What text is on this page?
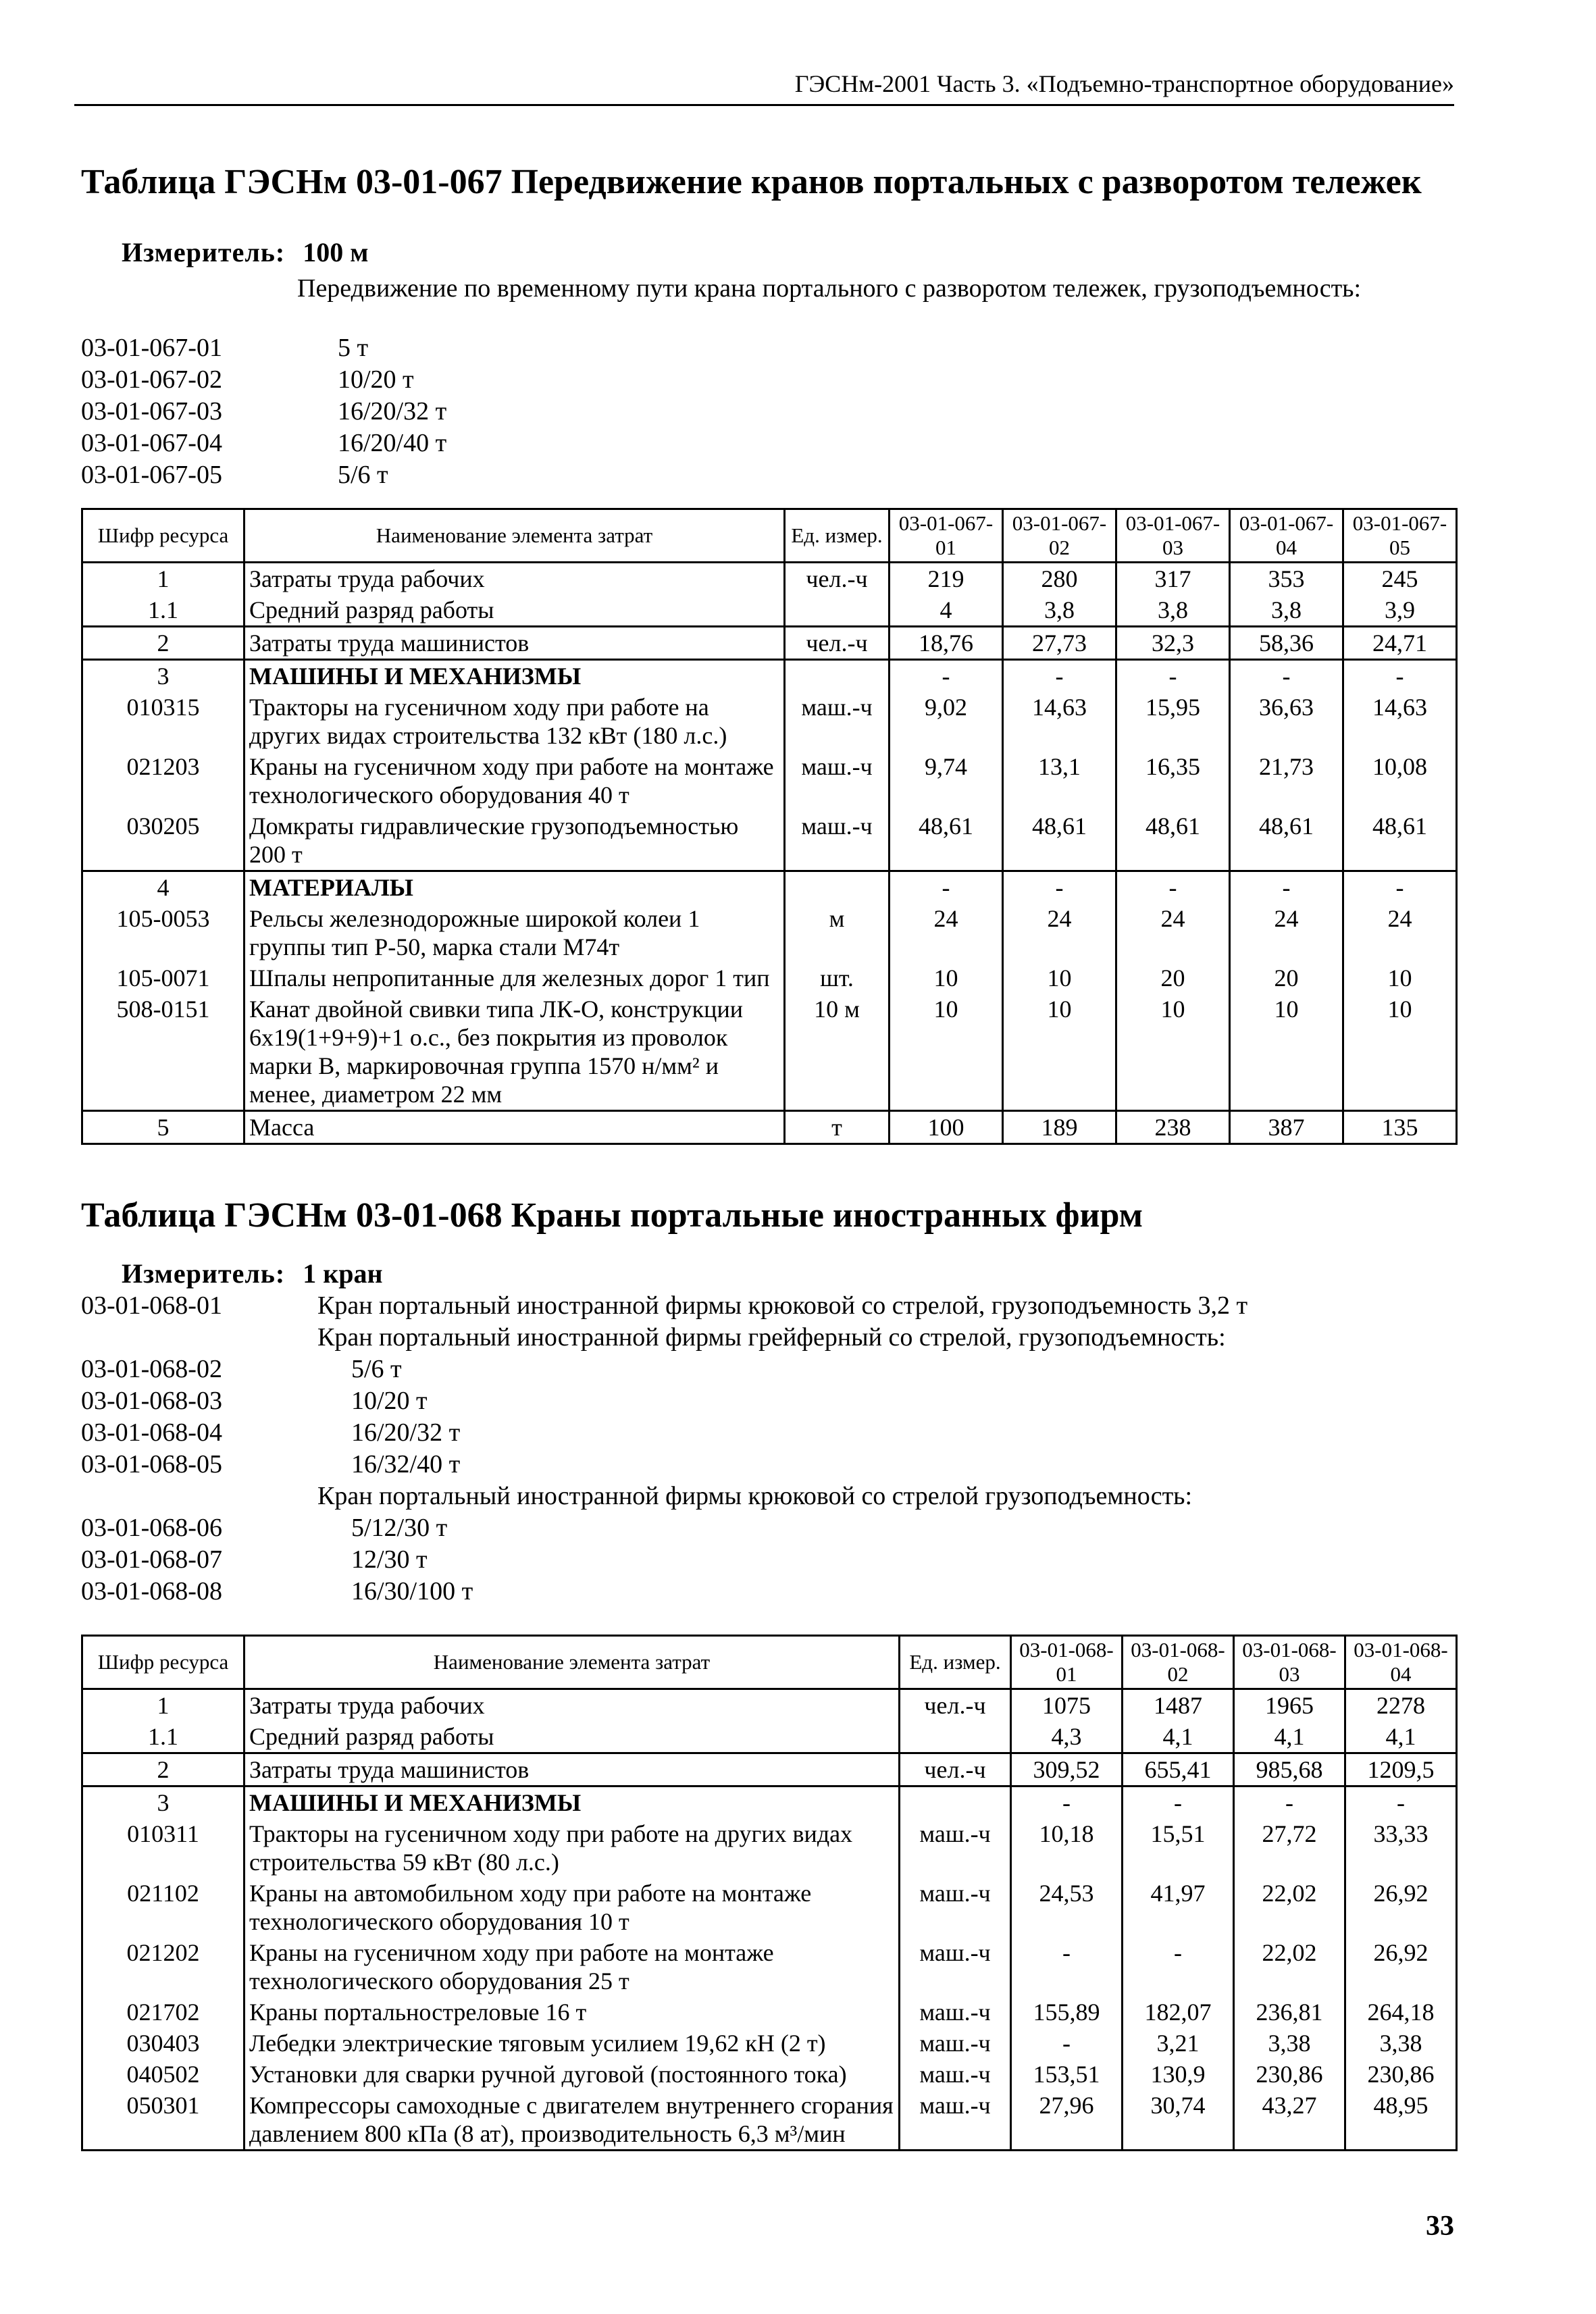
ГЭСНм-2001 Часть 3. «Подъемно-транспортное оборудование»
Таблица ГЭСНм 03-01-067 Передвижение кранов портальных с разворотом тележек
Измеритель: 100 м
Передвижение по временному пути крана портального с разворотом тележек, грузоподъемность:
03-01-067-01	5 т
03-01-067-02	10/20 т
03-01-067-03	16/20/32 т
03-01-067-04	16/20/40 т
03-01-067-05	5/6 т
Шифр ресурса	Наименование элемента затрат	Ед. измер.	03-01-067-01	03-01-067-02	03-01-067-03	03-01-067-04	03-01-067-05
1	Затраты труда рабочих	чел.-ч	219	280	317	353	245
1.1	Средний разряд работы		4	3,8	3,8	3,8	3,9
2	Затраты труда машинистов	чел.-ч	18,76	27,73	32,3	58,36	24,71
3	МАШИНЫ И МЕХАНИЗМЫ		-	-	-	-	-
010315	Тракторы на гусеничном ходу при работе на других видах строительства 132 кВт (180 л.с.)	маш.-ч	9,02	14,63	15,95	36,63	14,63
021203	Краны на гусеничном ходу при работе на монтаже технологического оборудования 40 т	маш.-ч	9,74	13,1	16,35	21,73	10,08
030205	Домкраты гидравлические грузоподъемностью 200 т	маш.-ч	48,61	48,61	48,61	48,61	48,61
4	МАТЕРИАЛЫ		-	-	-	-	-
105-0053	Рельсы железнодорожные широкой колеи 1 группы тип Р-50, марка стали М74т	м	24	24	24	24	24
105-0071	Шпалы непропитанные для железных дорог 1 тип	шт.	10	10	20	20	10
508-0151	Канат двойной свивки типа ЛК-О, конструкции 6х19(1+9+9)+1 о.с., без покрытия из проволок марки В, маркировочная группа 1570 н/мм² и менее, диаметром 22 мм	10 м	10	10	10	10	10
5	Масса	т	100	189	238	387	135
Таблица ГЭСНм 03-01-068 Краны портальные иностранных фирм
Измеритель: 1 кран
03-01-068-01	Кран портальный иностранной фирмы крюковой со стрелой, грузоподъемность 3,2 т
Кран портальный иностранной фирмы грейферный со стрелой, грузоподъемность:
03-01-068-02	5/6 т
03-01-068-03	10/20 т
03-01-068-04	16/20/32 т
03-01-068-05	16/32/40 т
Кран портальный иностранной фирмы крюковой со стрелой грузоподъемность:
03-01-068-06	5/12/30 т
03-01-068-07	12/30 т
03-01-068-08	16/30/100 т
Шифр ресурса	Наименование элемента затрат	Ед. измер.	03-01-068-01	03-01-068-02	03-01-068-03	03-01-068-04
1	Затраты труда рабочих	чел.-ч	1075	1487	1965	2278
1.1	Средний разряд работы		4,3	4,1	4,1	4,1
2	Затраты труда машинистов	чел.-ч	309,52	655,41	985,68	1209,5
3	МАШИНЫ И МЕХАНИЗМЫ		-	-	-	-
010311	Тракторы на гусеничном ходу при работе на других видах строительства 59 кВт (80 л.с.)	маш.-ч	10,18	15,51	27,72	33,33
021102	Краны на автомобильном ходу при работе на монтаже технологического оборудования 10 т	маш.-ч	24,53	41,97	22,02	26,92
021202	Краны на гусеничном ходу при работе на монтаже технологического оборудования 25 т	маш.-ч	-	-	22,02	26,92
021702	Краны портальностреловые 16 т	маш.-ч	155,89	182,07	236,81	264,18
030403	Лебедки электрические тяговым усилием 19,62 кН (2 т)	маш.-ч	-	3,21	3,38	3,38
040502	Установки для сварки ручной дуговой (постоянного тока)	маш.-ч	153,51	130,9	230,86	230,86
050301	Компрессоры самоходные с двигателем внутреннего сгорания давлением 800 кПа (8 ат), производительность 6,3 м³/мин	маш.-ч	27,96	30,74	43,27	48,95
33
